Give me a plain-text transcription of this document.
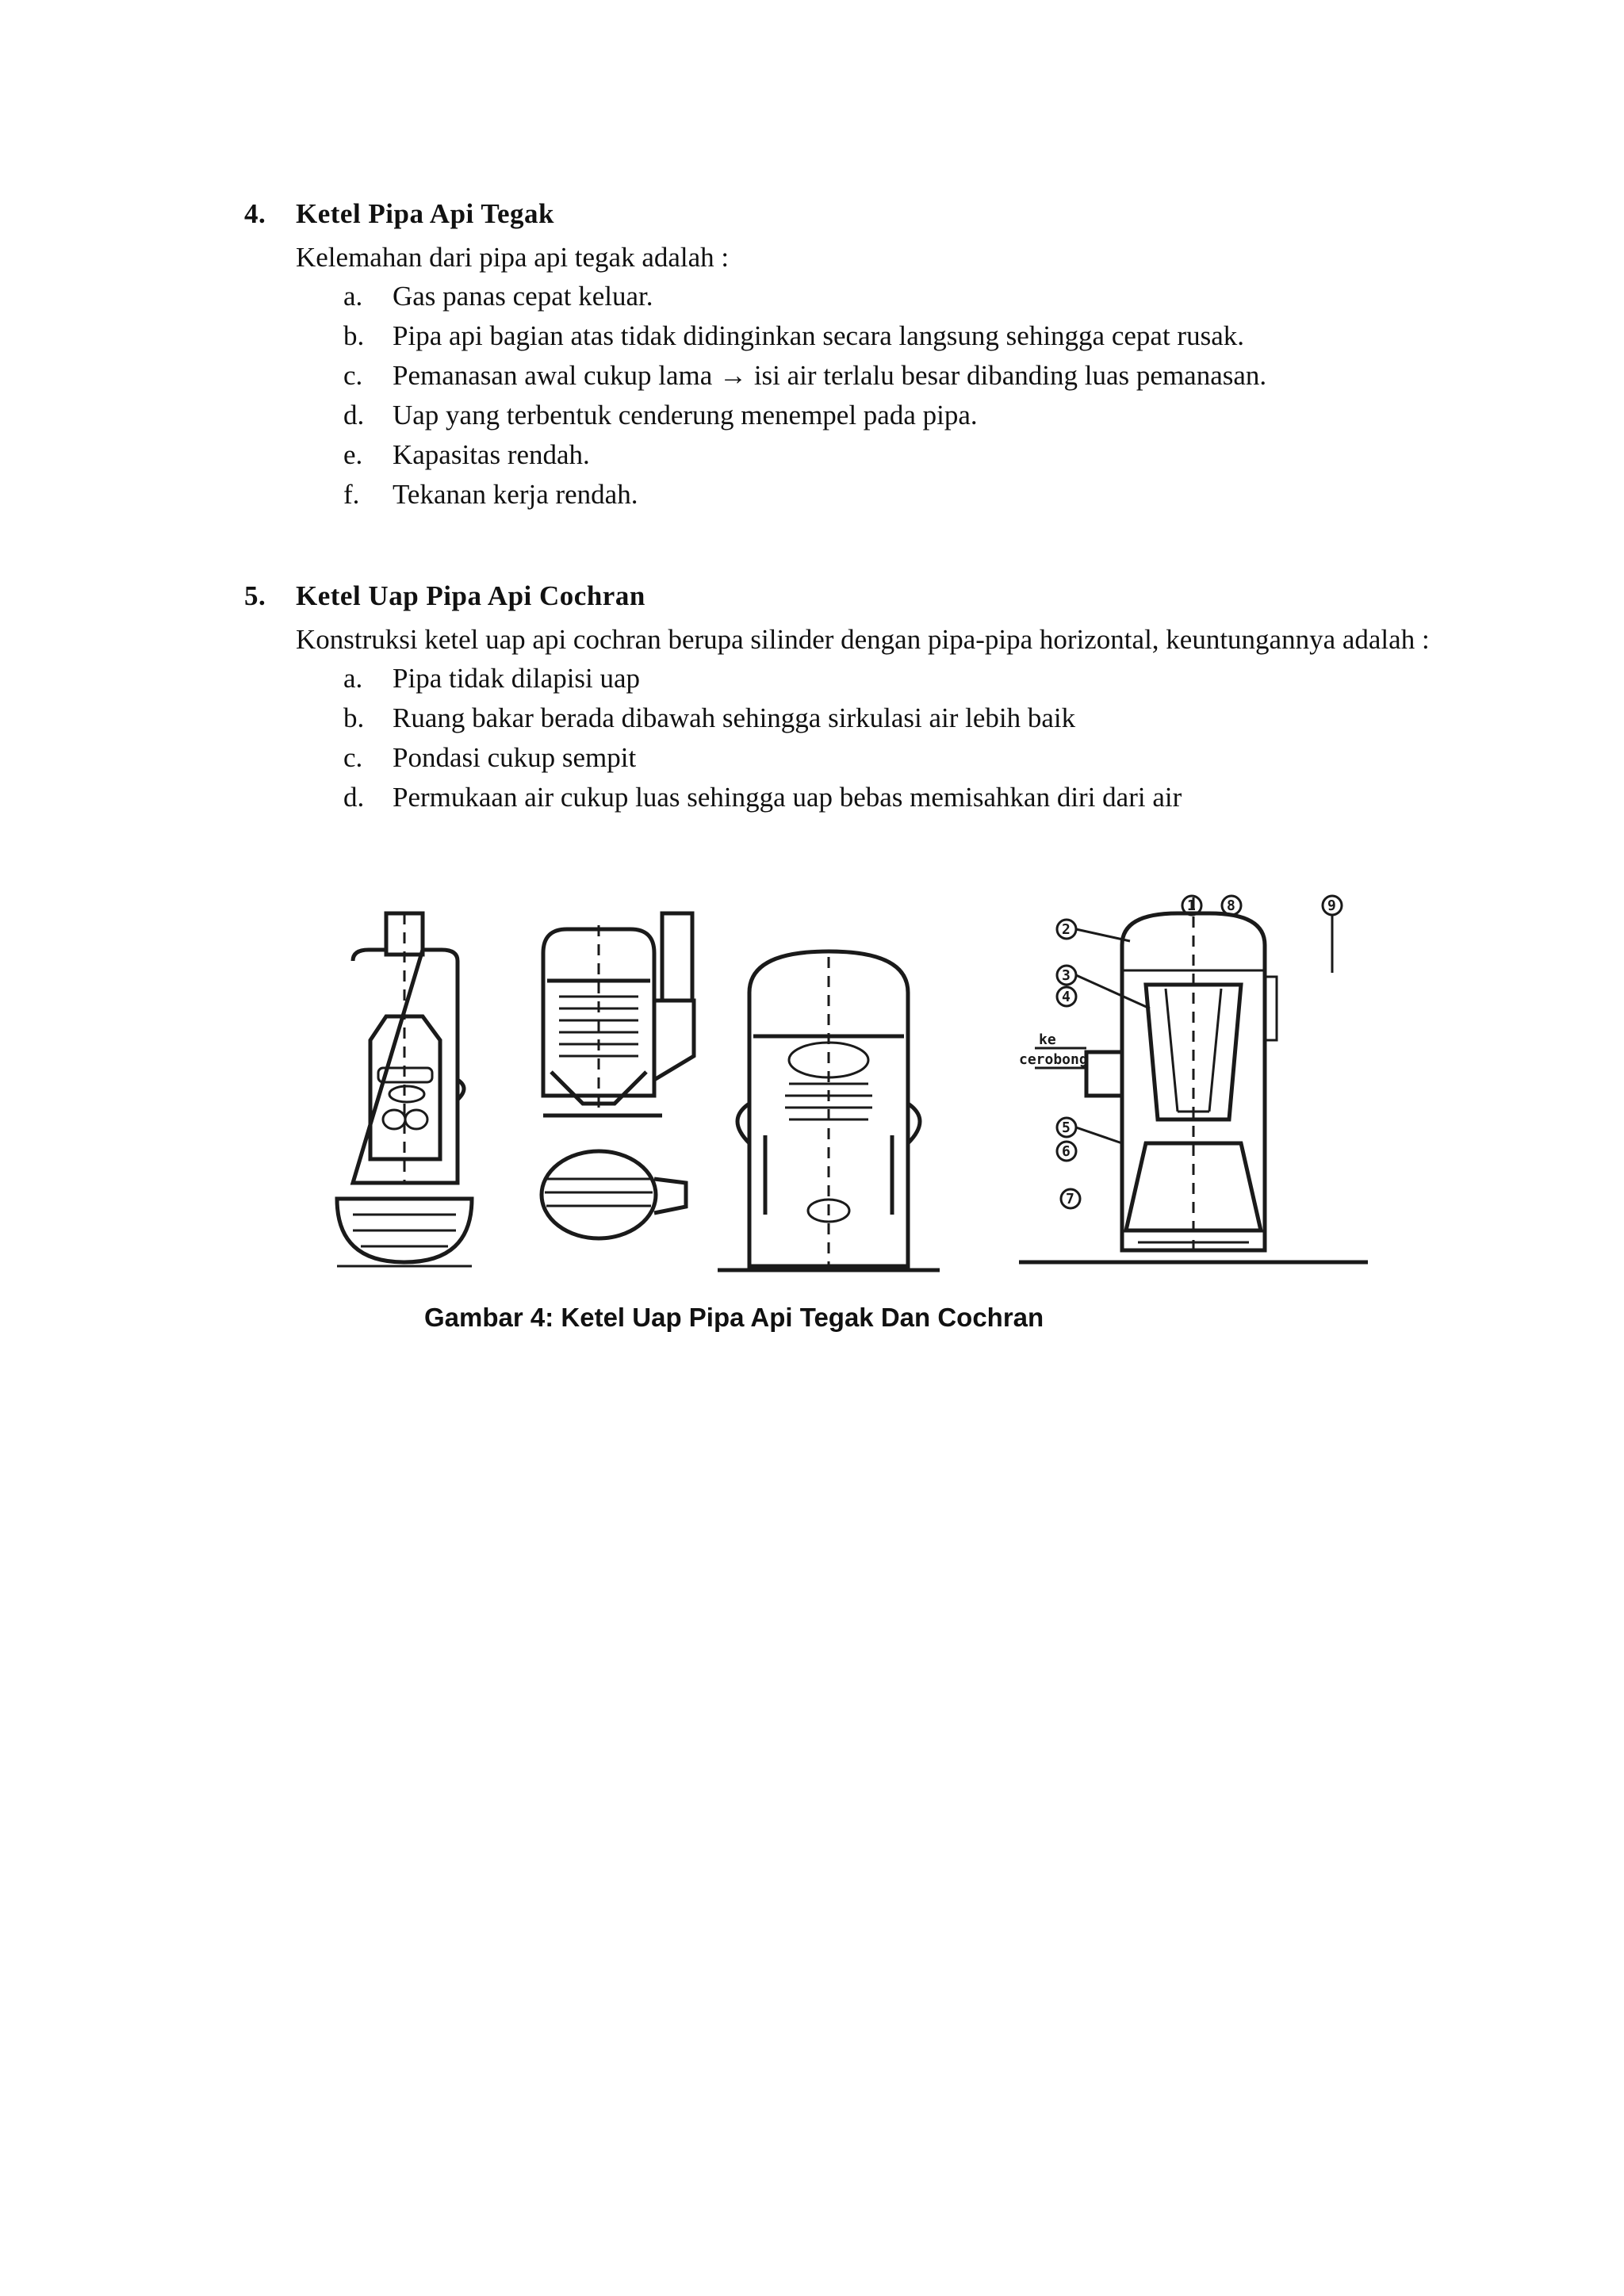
4.	Ketel Pipa Api Tegak
Kelemahan dari pipa api tegak adalah :
a.	Gas panas cepat keluar.
b.	Pipa api bagian atas tidak didinginkan secara langsung sehingga cepat rusak.
c.	Pemanasan awal cukup lama → isi air terlalu besar dibanding luas pemanasan.
d.	Uap yang terbentuk cenderung menempel pada pipa.
e.	Kapasitas rendah.
f.	Tekanan kerja rendah.
5.	Ketel Uap Pipa Api Cochran
Konstruksi ketel uap api cochran berupa silinder dengan pipa-pipa horizontal, keuntungannya adalah :
a.	Pipa tidak dilapisi uap
b.	Ruang bakar berada dibawah sehingga sirkulasi air lebih baik
c.	Pondasi cukup sempit
d.	Permukaan air cukup luas sehingga uap bebas memisahkan diri dari air
1
2
3
4
5
6
7
8	9
ke
cerobong
Gambar 4: Ketel Uap Pipa Api Tegak Dan Cochran
